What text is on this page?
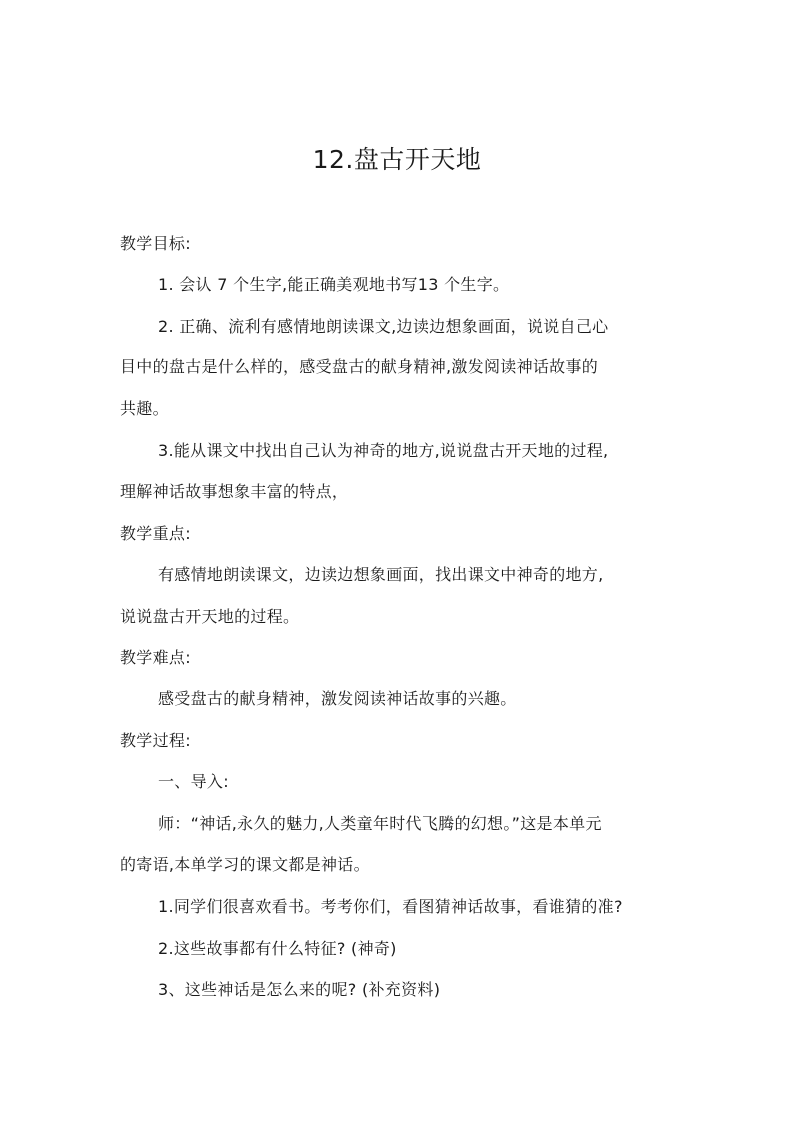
12.盘古开天地
教学目标:
1. 会认 7 个生字,能正确美观地书写13 个生字。
2. 正确、流利有感情地朗读课文,边读边想象画面，说说自己心
目中的盘古是什么样的，感受盘古的献身精神,激发阅读神话故事的
共趣。
3.能从课文中找出自己认为神奇的地方,说说盘古开天地的过程,
理解神话故事想象丰富的特点，
教学重点:
有感情地朗读课文，边读边想象画面，找出课文中神奇的地方,
说说盘古开天地的过程。
教学难点:
感受盘古的献身精神，激发阅读神话故事的兴趣。
教学过程:
一、导入:
师：“神话,永久的魅力,人类童年时代飞腾的幻想。”这是本单元
的寄语,本单学习的课文都是神话。
1.同学们很喜欢看书。考考你们，看图猜神话故事，看谁猜的准?
2.这些故事都有什么特征? (神奇)
3、这些神话是怎么来的呢? (补充资料)
